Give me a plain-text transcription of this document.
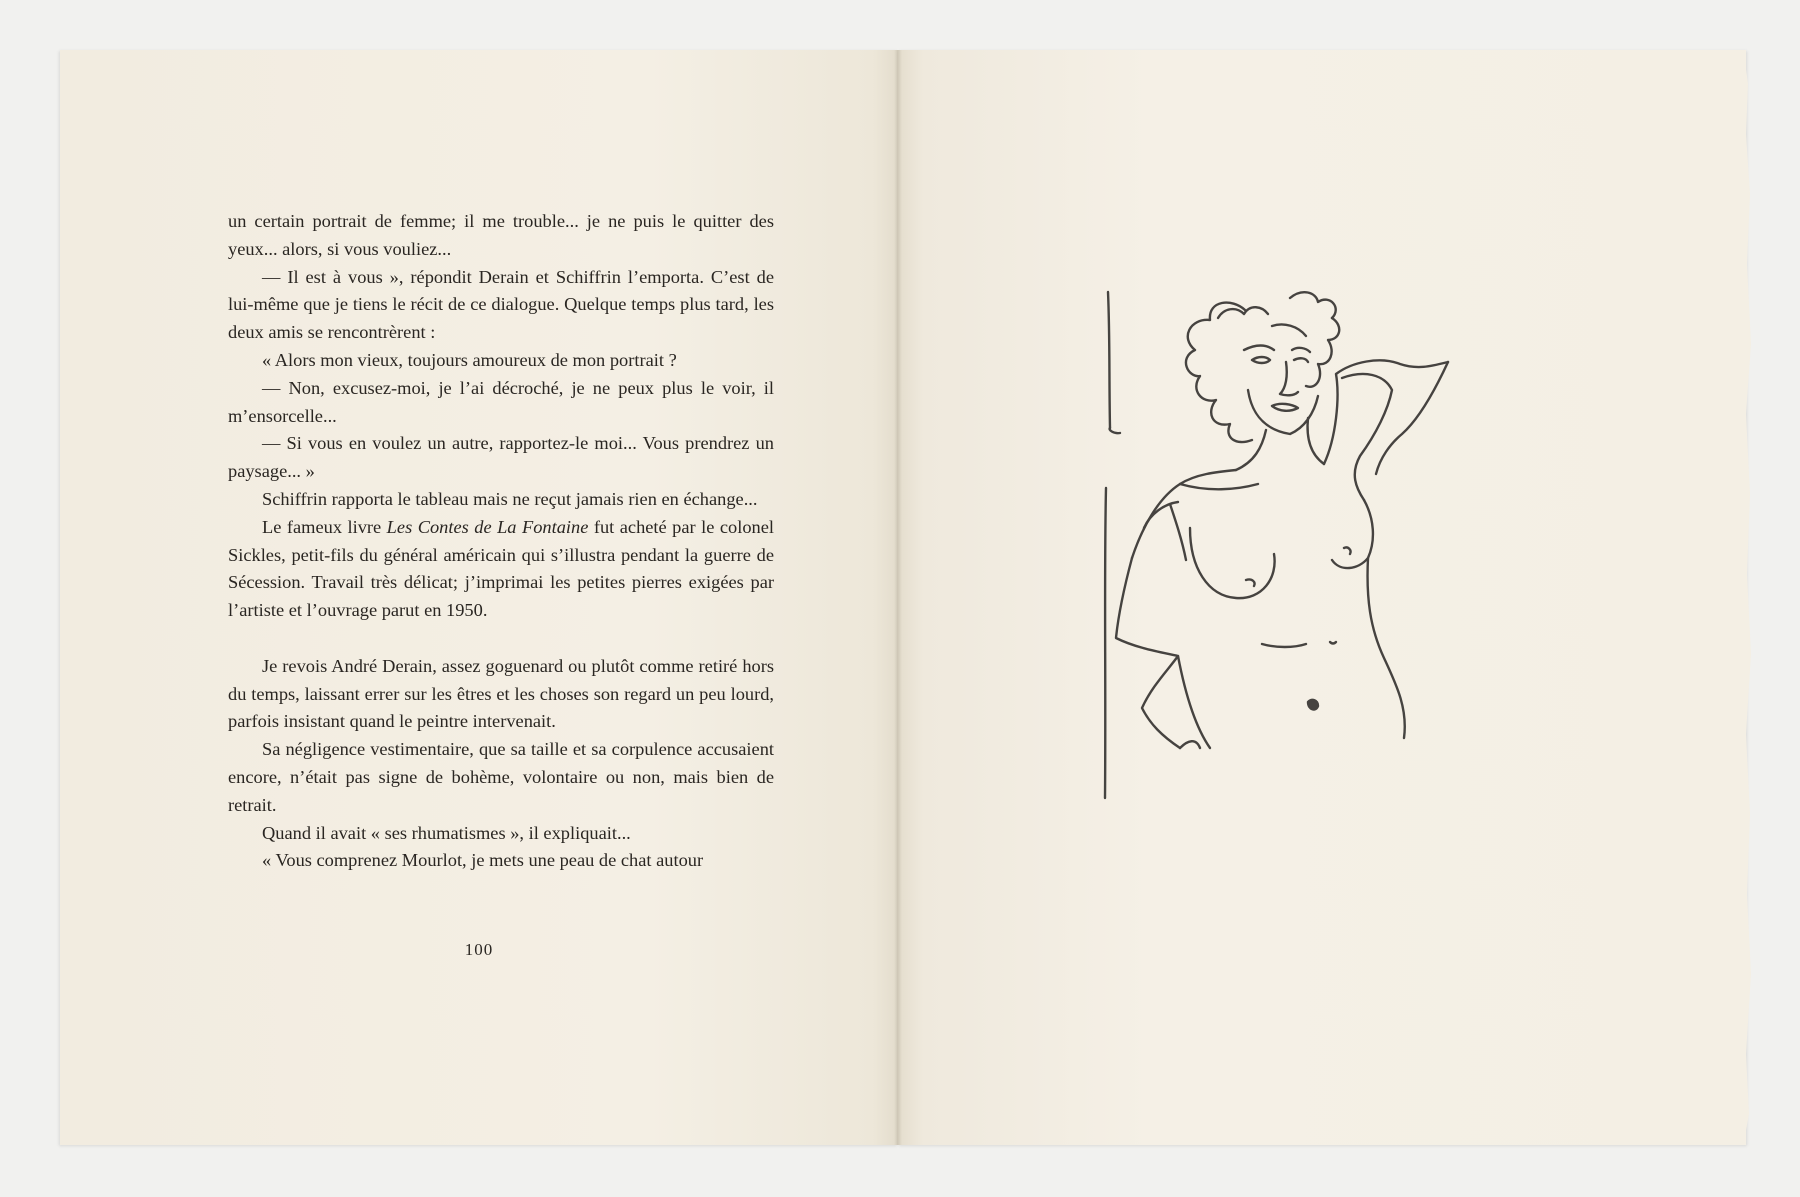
un certain portrait de femme; il me trouble... je ne puis le quitter des yeux... alors, si vous vouliez...

— Il est à vous », répondit Derain et Schiffrin l’emporta. C’est de lui-même que je tiens le récit de ce dialogue. Quelque temps plus tard, les deux amis se rencontrèrent :

« Alors mon vieux, toujours amoureux de mon portrait ?

— Non, excusez-moi, je l’ai décroché, je ne peux plus le voir, il m’ensorcelle...

— Si vous en voulez un autre, rapportez-le moi... Vous prendrez un paysage... »

Schiffrin rapporta le tableau mais ne reçut jamais rien en échange...

Le fameux livre Les Contes de La Fontaine fut acheté par le colonel Sickles, petit-fils du général américain qui s’illustra pendant la guerre de Sécession. Travail très délicat; j’imprimai les petites pierres exigées par l’artiste et l’ouvrage parut en 1950.

Je revois André Derain, assez goguenard ou plutôt comme retiré hors du temps, laissant errer sur les êtres et les choses son regard un peu lourd, parfois insistant quand le peintre intervenait.

Sa négligence vestimentaire, que sa taille et sa corpulence accusaient encore, n’était pas signe de bohème, volontaire ou non, mais bien de retrait.

Quand il avait « ses rhumatismes », il expliquait...

« Vous comprenez Mourlot, je mets une peau de chat autour

100
